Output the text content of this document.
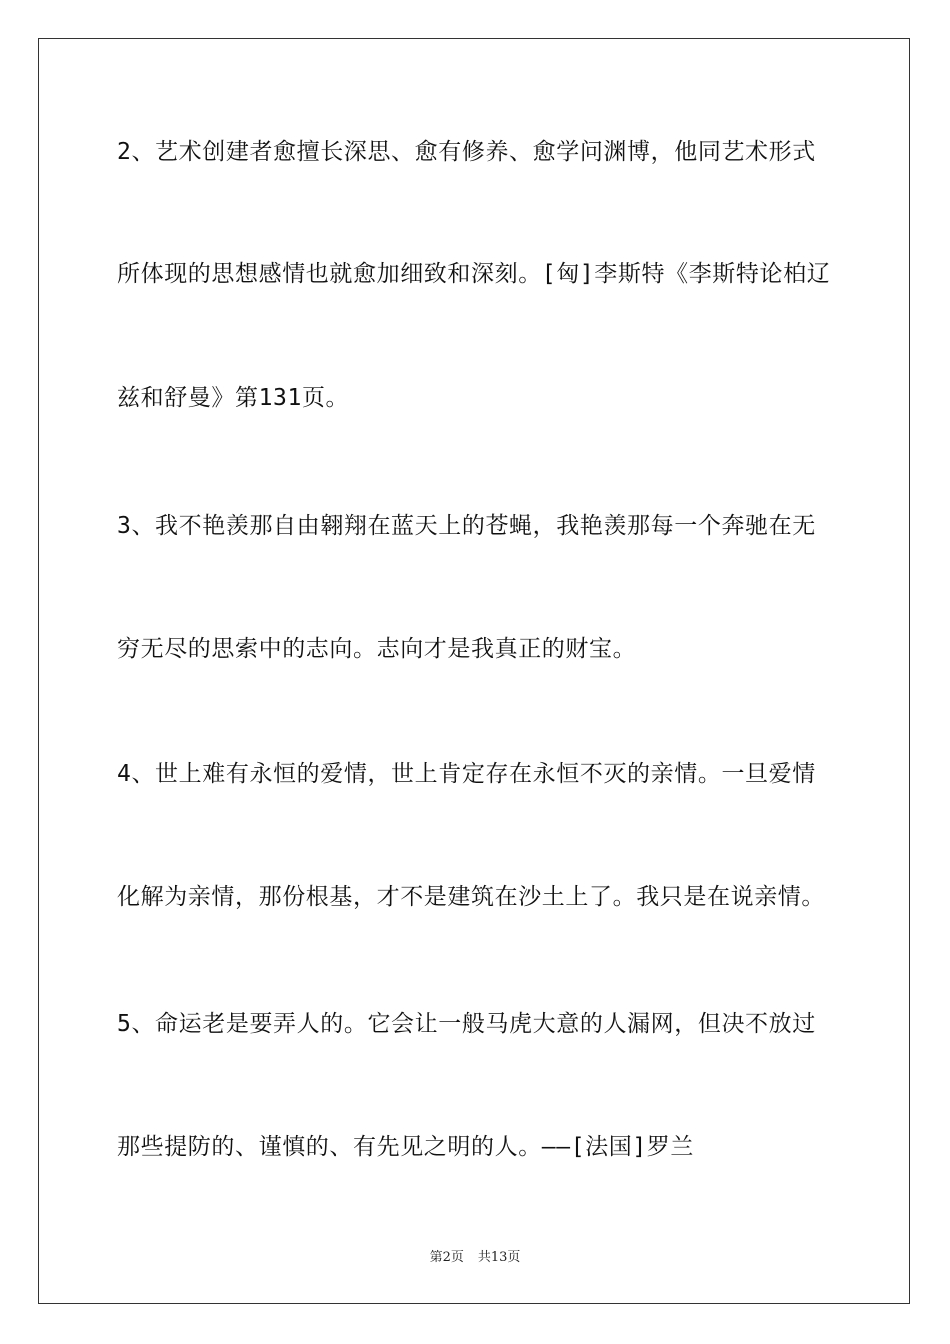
2、艺术创建者愈擅长深思、愈有修养、愈学问渊博，他同艺术形式
所体现的思想感情也就愈加细致和深刻。[匈]李斯特《李斯特论柏辽
兹和舒曼》第131页。
3、我不艳羡那自由翱翔在蓝天上的苍蝇，我艳羡那每一个奔驰在无
穷无尽的思索中的志向。志向才是我真正的财宝。
4、世上难有永恒的爱情，世上肯定存在永恒不灭的亲情。一旦爱情
化解为亲情，那份根基，才不是建筑在沙土上了。我只是在说亲情。
5、命运老是要弄人的。它会让一般马虎大意的人漏网，但决不放过
那些提防的、谨慎的、有先见之明的人。——[法国]罗兰
第2页 共13页
